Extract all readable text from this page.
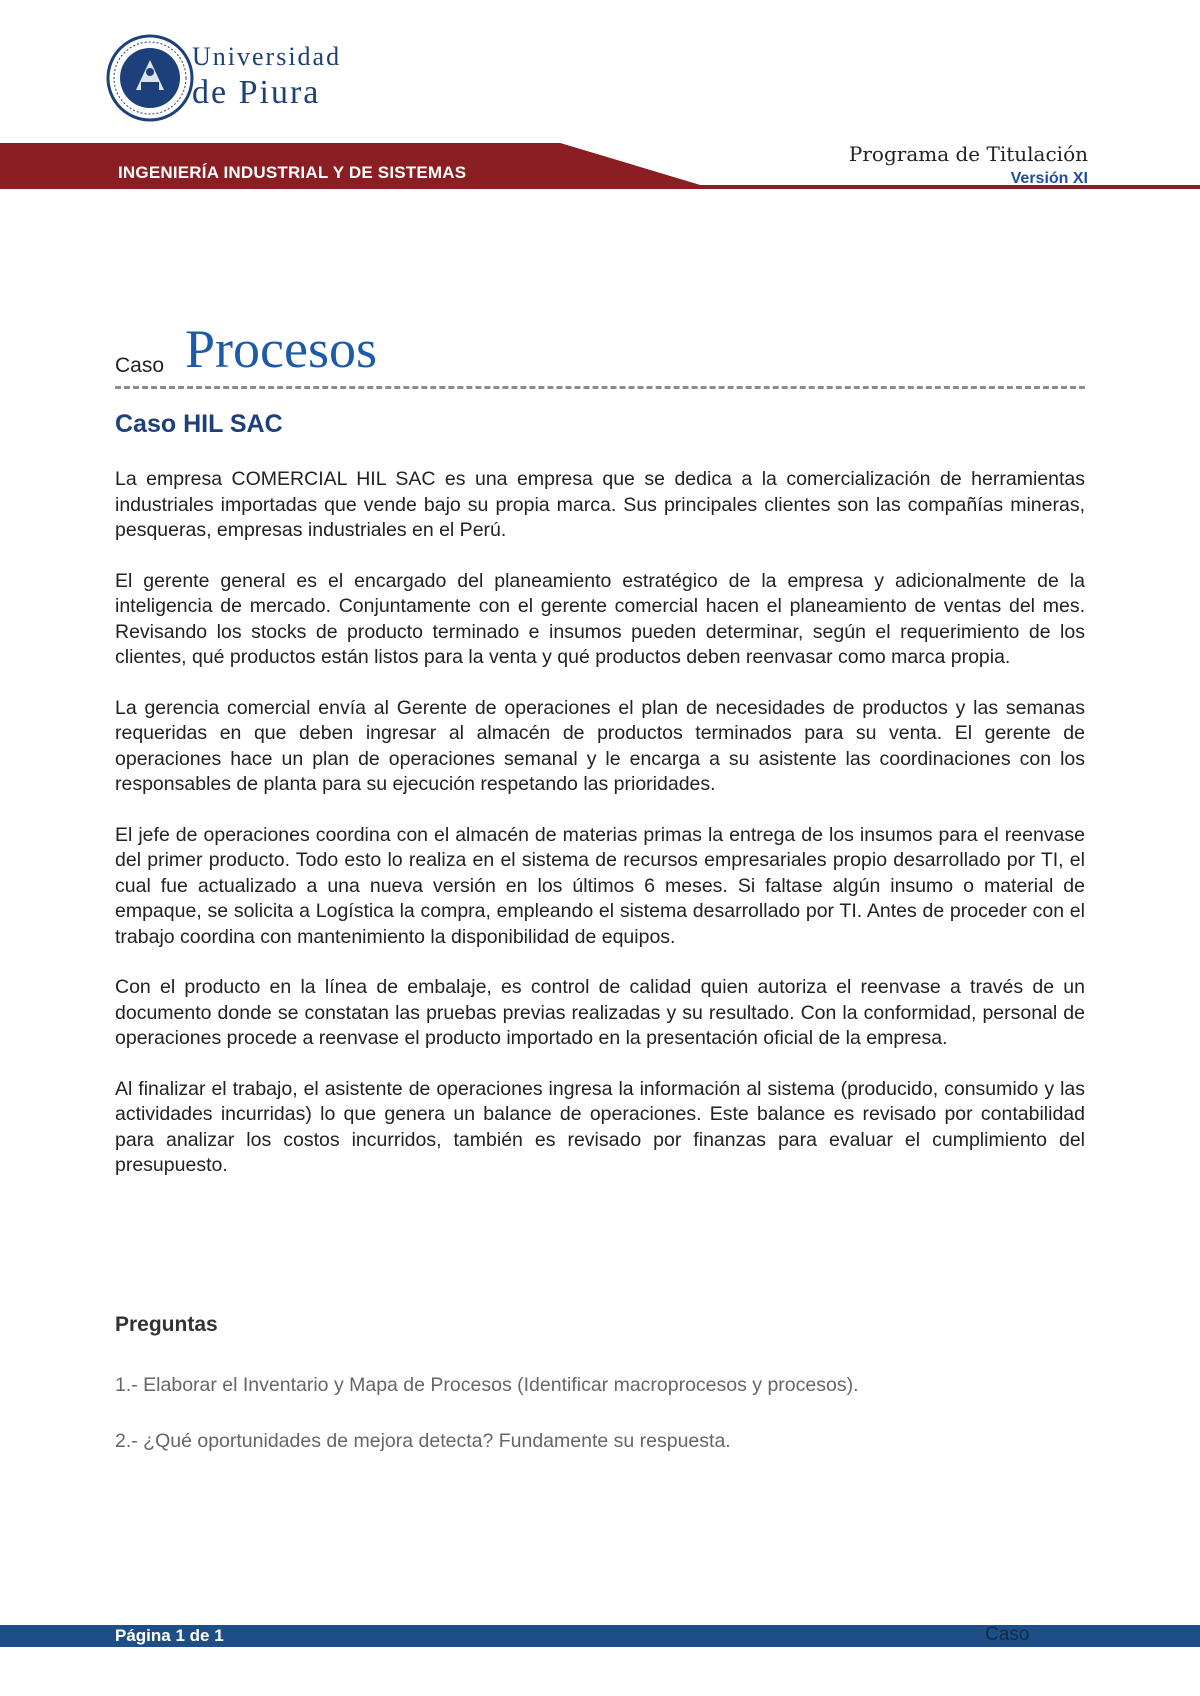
Universidad
de Piura
INGENIERÍA INDUSTRIAL Y DE SISTEMAS
Programa de Titulación
Versión XI
Caso Procesos
Caso HIL SAC

La empresa COMERCIAL HIL SAC es una empresa que se dedica a la comercialización de herramientas industriales importadas que vende bajo su propia marca. Sus principales clientes son las compañías mineras, pesqueras, empresas industriales en el Perú.

El gerente general es el encargado del planeamiento estratégico de la empresa y adicionalmente de la inteligencia de mercado. Conjuntamente con el gerente comercial hacen el planeamiento de ventas del mes. Revisando los stocks de producto terminado e insumos pueden determinar, según el requerimiento de los clientes, qué productos están listos para la venta y qué productos deben reenvasar como marca propia.

La gerencia comercial envía al Gerente de operaciones el plan de necesidades de productos y las semanas requeridas en que deben ingresar al almacén de productos terminados para su venta. El gerente de operaciones hace un plan de operaciones semanal y le encarga a su asistente las coordinaciones con los responsables de planta para su ejecución respetando las prioridades.

El jefe de operaciones coordina con el almacén de materias primas la entrega de los insumos para el reenvase del primer producto. Todo esto lo realiza en el sistema de recursos empresariales propio desarrollado por TI, el cual fue actualizado a una nueva versión en los últimos 6 meses. Si faltase algún insumo o material de empaque, se solicita a Logística la compra, empleando el sistema desarrollado por TI. Antes de proceder con el trabajo coordina con mantenimiento la disponibilidad de equipos.

Con el producto en la línea de embalaje, es control de calidad quien autoriza el reenvase a través de un documento donde se constatan las pruebas previas realizadas y su resultado. Con la conformidad, personal de operaciones procede a reenvase el producto importado en la presentación oficial de la empresa.

Al finalizar el trabajo, el asistente de operaciones ingresa la información al sistema (producido, consumido y las actividades incurridas) lo que genera un balance de operaciones. Este balance es revisado por contabilidad para analizar los costos incurridos, también es revisado por finanzas para evaluar el cumplimiento del presupuesto.

Preguntas

1.- Elaborar el Inventario y Mapa de Procesos (Identificar macroprocesos y procesos).

2.- ¿Qué oportunidades de mejora detecta? Fundamente su respuesta.

Página 1 de 1	Caso
